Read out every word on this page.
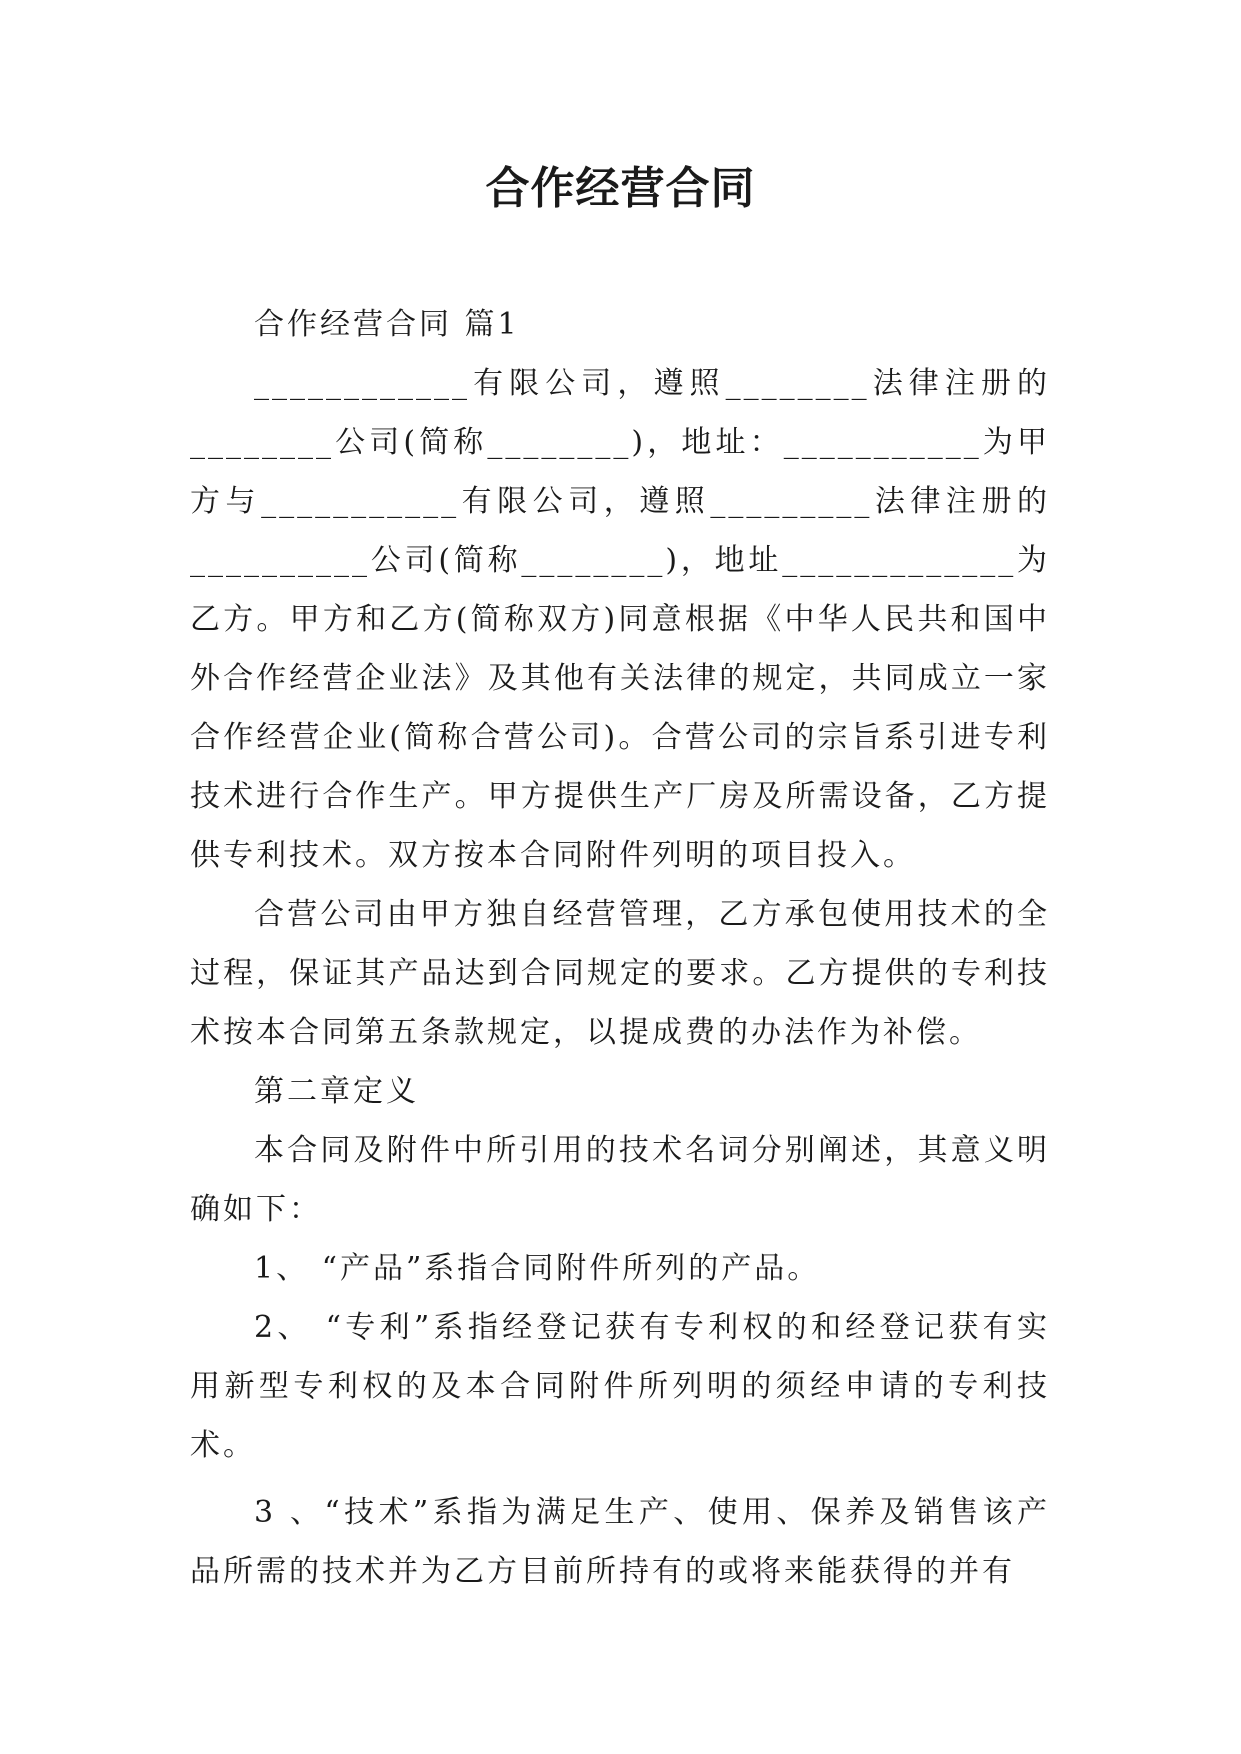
合作经营合同

合作经营合同 篇1

____________有限公司，遵照________法律注册的________公司(简称________)，地址：___________为甲方与___________有限公司，遵照_________法律注册的__________公司(简称________)，地址_____________为乙方。甲方和乙方(简称双方)同意根据《中华人民共和国中外合作经营企业法》及其他有关法律的规定，共同成立一家合作经营企业(简称合营公司)。合营公司的宗旨系引进专利技术进行合作生产。甲方提供生产厂房及所需设备，乙方提供专利技术。双方按本合同附件列明的项目投入。

合营公司由甲方独自经营管理，乙方承包使用技术的全过程，保证其产品达到合同规定的要求。乙方提供的专利技术按本合同第五条款规定，以提成费的办法作为补偿。

第二章定义

本合同及附件中所引用的技术名词分别阐述，其意义明确如下：

1、 “产品”系指合同附件所列的产品。

2、 “专利”系指经登记获有专利权的和经登记获有实用新型专利权的及本合同附件所列明的须经申请的专利技术。

3 、“技术”系指为满足生产、使用、保养及销售该产品所需的技术并为乙方目前所持有的或将来能获得的并有
